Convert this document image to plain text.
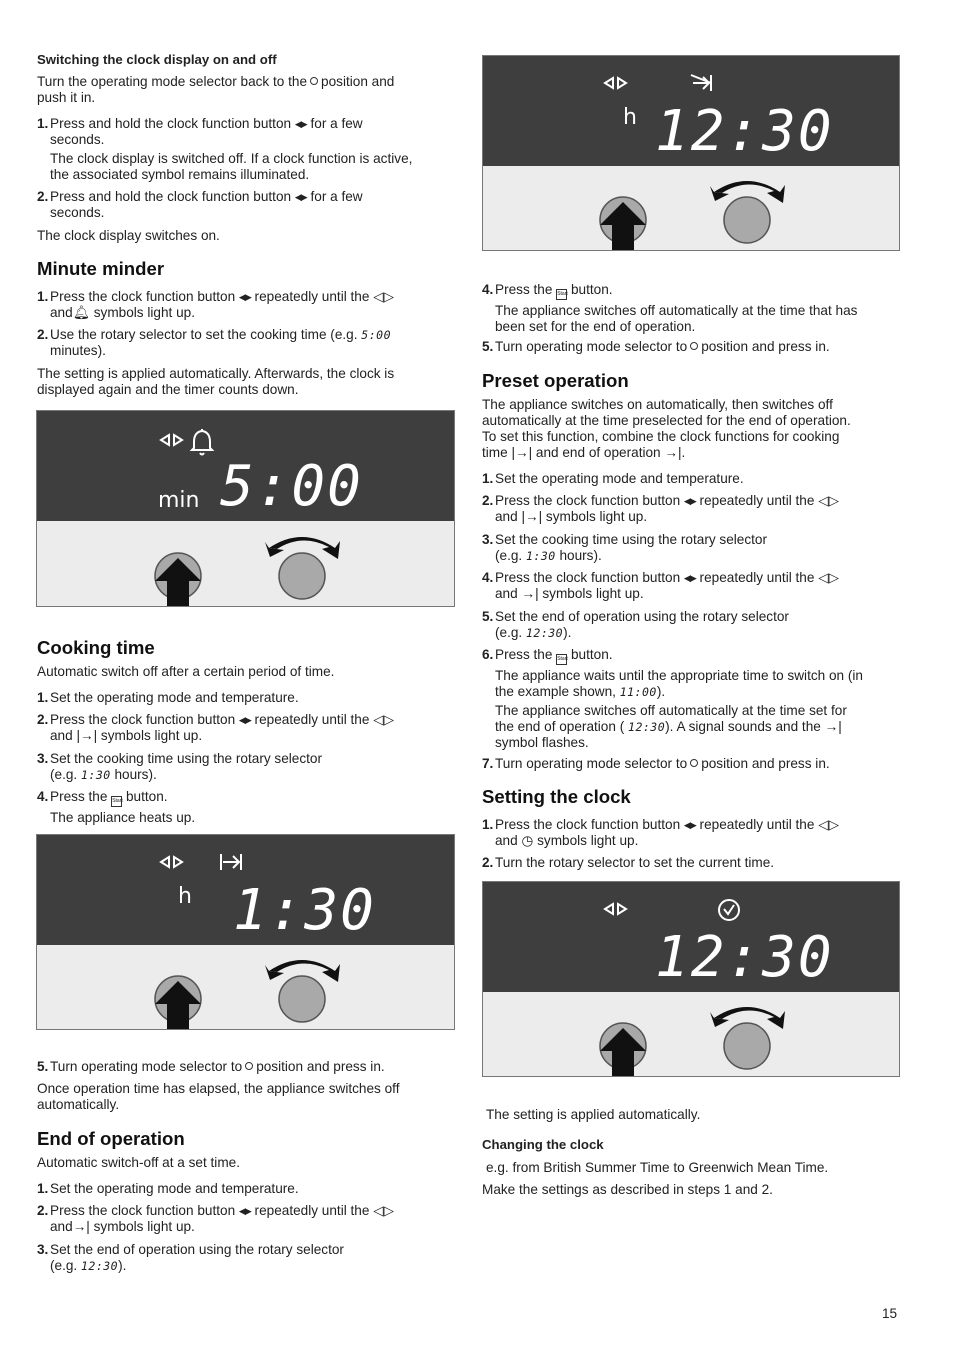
Switching the clock display on and off
Turn the operating mode selector back to the position and
push it in.
1. Press and hold the clock function button ◀▶ for a few
seconds.
The clock display is switched off. If a clock function is active,
the associated symbol remains illuminated.
2. Press and hold the clock function button ◀▶ for a few
seconds.
The clock display switches on.
Minute minder
1. Press the clock function button ◀▶ repeatedly until the ◁▷
and🔔︎ symbols light up.
2. Use the rotary selector to set the cooking time (e.g. 5:00
minutes).
The setting is applied automatically. Afterwards, the clock is
displayed again and the timer counts down.
min 5:00
Cooking time
Automatic switch off after a certain period of time.
1. Set the operating mode and temperature.
2. Press the clock function button ◀▶ repeatedly until the ◁▷
and |→| symbols light up.
3. Set the cooking time using the rotary selector
(e.g. 1:30 hours).
4. Press the Start button.
The appliance heats up.
h 1:30
5. Turn operating mode selector to position and press in.
Once operation time has elapsed, the appliance switches off
automatically.
End of operation
Automatic switch-off at a set time.
1. Set the operating mode and temperature.
2. Press the clock function button ◀▶ repeatedly until the ◁▷
and→| symbols light up.
3. Set the end of operation using the rotary selector
(e.g. 12:30).
h 12:30
4. Press the Start button.
The appliance switches off automatically at the time that has
been set for the end of operation.
5. Turn operating mode selector to position and press in.
Preset operation
The appliance switches on automatically, then switches off
automatically at the time preselected for the end of operation.
To set this function, combine the clock functions for cooking
time |→| and end of operation →|.
1. Set the operating mode and temperature.
2. Press the clock function button ◀▶ repeatedly until the ◁▷
and |→| symbols light up.
3. Set the cooking time using the rotary selector
(e.g. 1:30 hours).
4. Press the clock function button ◀▶ repeatedly until the ◁▷
and →| symbols light up.
5. Set the end of operation using the rotary selector
(e.g. 12:30).
6. Press the Start button.
The appliance waits until the appropriate time to switch on (in
the example shown, 11:00).
The appliance switches off automatically at the time set for
the end of operation ( 12:30). A signal sounds and the →|
symbol flashes.
7. Turn operating mode selector to position and press in.
Setting the clock
1. Press the clock function button ◀▶ repeatedly until the ◁▷
and ◷ symbols light up.
2. Turn the rotary selector to set the current time.
12:30
The setting is applied automatically.
Changing the clock
e.g. from British Summer Time to Greenwich Mean Time.
Make the settings as described in steps 1 and 2.
15
